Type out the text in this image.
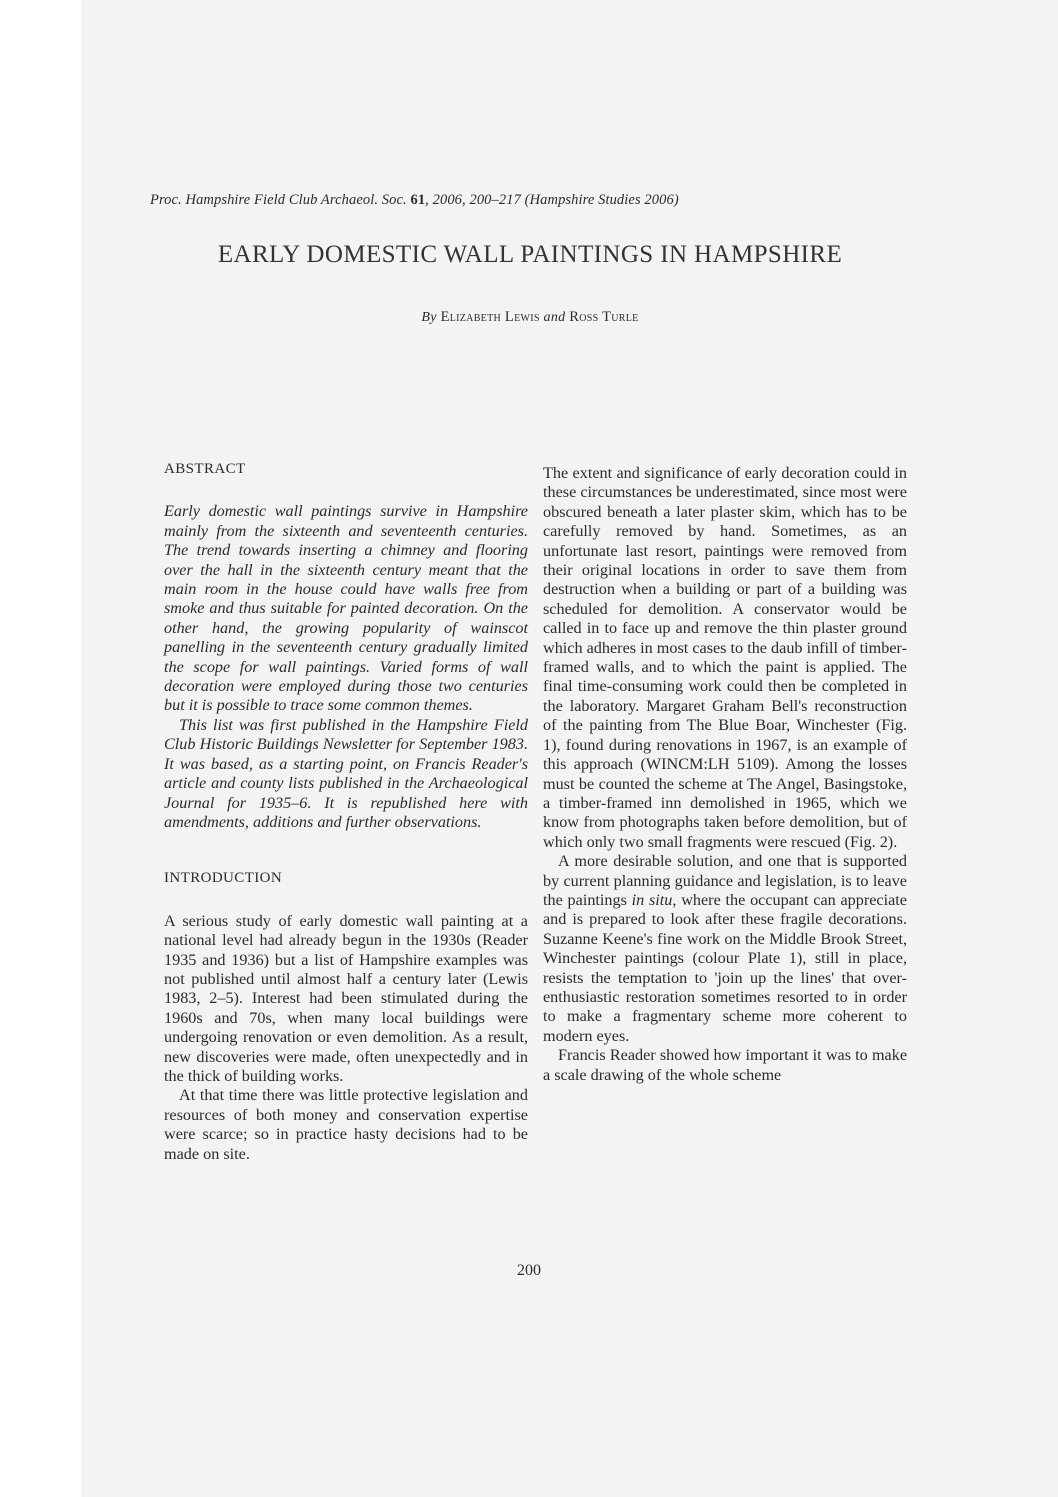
Proc. Hampshire Field Club Archaeol. Soc. 61, 2006, 200–217 (Hampshire Studies 2006)
EARLY DOMESTIC WALL PAINTINGS IN HAMPSHIRE
By Elizabeth Lewis and Ross Turle
ABSTRACT

Early domestic wall paintings survive in Hampshire mainly from the sixteenth and seventeenth centuries. The trend towards inserting a chimney and flooring over the hall in the sixteenth century meant that the main room in the house could have walls free from smoke and thus suitable for painted decoration. On the other hand, the growing popularity of wainscot panelling in the seventeenth century gradually limited the scope for wall paintings. Varied forms of wall decoration were employed during those two centuries but it is possible to trace some common themes.

This list was first published in the Hampshire Field Club Historic Buildings Newsletter for September 1983. It was based, as a starting point, on Francis Reader's article and county lists published in the Archaeological Journal for 1935–6. It is republished here with amendments, additions and further observations.

INTRODUCTION

A serious study of early domestic wall painting at a national level had already begun in the 1930s (Reader 1935 and 1936) but a list of Hampshire examples was not published until almost half a century later (Lewis 1983, 2–5). Interest had been stimulated during the 1960s and 70s, when many local buildings were undergoing renovation or even demolition. As a result, new discoveries were made, often unexpectedly and in the thick of building works.

At that time there was little protective legislation and resources of both money and conservation expertise were scarce; so in practice hasty decisions had to be made on site.

The extent and significance of early decoration could in these circumstances be underestimated, since most were obscured beneath a later plaster skim, which has to be carefully removed by hand. Sometimes, as an unfortunate last resort, paintings were removed from their original locations in order to save them from destruction when a building or part of a building was scheduled for demolition. A conservator would be called in to face up and remove the thin plaster ground which adheres in most cases to the daub infill of timber-framed walls, and to which the paint is applied. The final time-consuming work could then be completed in the laboratory. Margaret Graham Bell's reconstruction of the painting from The Blue Boar, Winchester (Fig. 1), found during renovations in 1967, is an example of this approach (WINCM:LH 5109). Among the losses must be counted the scheme at The Angel, Basingstoke, a timber-framed inn demolished in 1965, which we know from photographs taken before demolition, but of which only two small fragments were rescued (Fig. 2).

A more desirable solution, and one that is supported by current planning guidance and legislation, is to leave the paintings in situ, where the occupant can appreciate and is prepared to look after these fragile decorations. Suzanne Keene's fine work on the Middle Brook Street, Winchester paintings (colour Plate 1), still in place, resists the temptation to 'join up the lines' that over-enthusiastic restoration sometimes resorted to in order to make a fragmentary scheme more coherent to modern eyes.

Francis Reader showed how important it was to make a scale drawing of the whole scheme

200
